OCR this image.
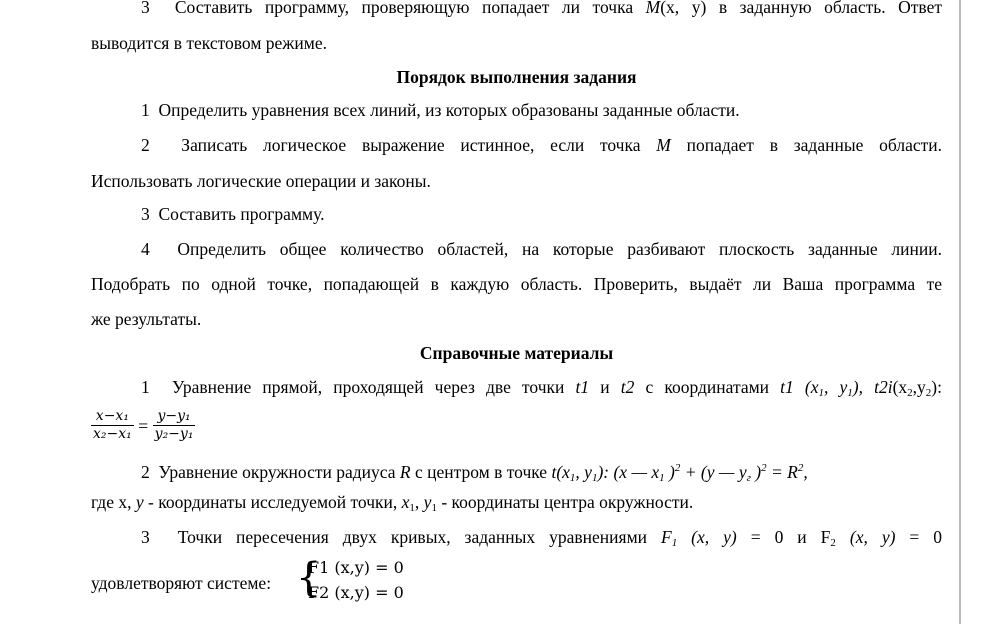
3 Составить программу, проверяющую попадает ли точка M(x, y) в заданную область. Ответ
выводится в текстовом режиме.
Порядок выполнения задания
1 Определить уравнения всех линий, из которых образованы заданные области.
2 Записать логическое выражение истинное, если точка M попадает в заданные области.
Использовать логические операции и законы.
3 Составить программу.
4 Определить общее количество областей, на которые разбивают плоскость заданные линии.
Подобрать по одной точке, попадающей в каждую область. Проверить, выдаёт ли Ваша программа те
же результаты.
Справочные материалы
1 Уравнение прямой, проходящей через две точки t1 и t2 с координатами t1 ($x_1$, $y_1$), $t2i(x_2,y_2)$:
$\frac{\text{x−x₁}}{\text{x₂−x₁}} = \frac{\text{y−y₁}}{\text{y₂−y₁}}$
2 Уравнение окружности радиуса R с центром в точке $t(x_1$, $y_1$): (x — $x_1$ )$^2$ + (y — $y_г$ )$^2 = R^2$,
где x, y - координаты исследуемой точки, $x_1$, $y_1$ - координаты центра окружности.
3 Точки пересечения двух кривых, заданных уравнениями $F_1$ (x, y) = 0 и $F_2$ (x, y) = 0
удовлетворяют системе: {
F1 (x,y) = 0
F2 (x,y) = 0
